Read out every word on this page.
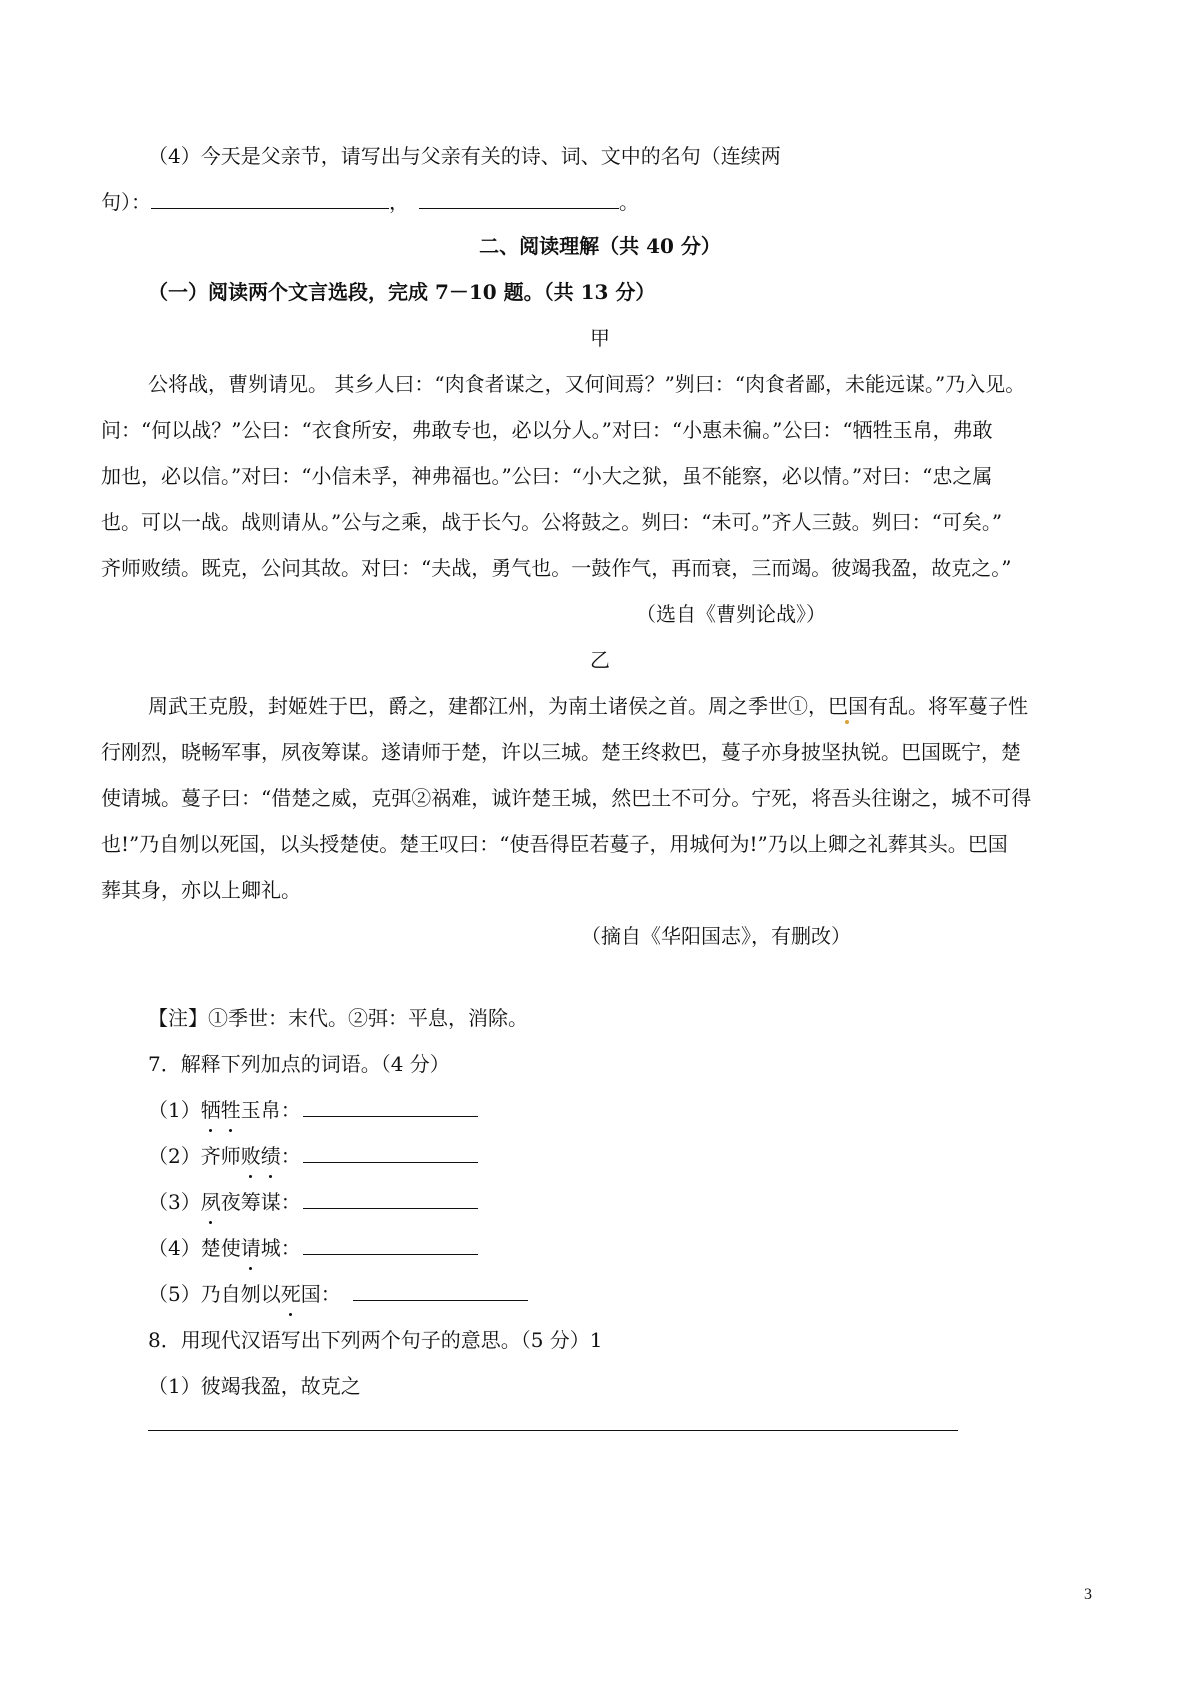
（4）今天是父亲节，请写出与父亲有关的诗、词、文中的名句（连续两
句）：	，	。
二、阅读理解（共 40 分）
（一）阅读两个文言选段，完成 7－10 题。（共 13 分）
甲
公将战，曹刿请见。 其乡人曰：“肉食者谋之，又何间焉？”刿曰：“肉食者鄙，未能远谋。”乃入见。
问：“何以战？”公曰：“衣食所安，弗敢专也，必以分人。”对曰：“小惠未徧。”公曰：“牺牲玉帛，弗敢
加也，必以信。”对曰：“小信未孚，神弗福也。”公曰：“小大之狱，虽不能察，必以情。”对曰：“忠之属
也。可以一战。战则请从。”公与之乘，战于长勺。公将鼓之。刿曰：“未可。”齐人三鼓。刿曰：“可矣。”
齐师败绩。既克，公问其故。对曰：“夫战，勇气也。一鼓作气，再而衰，三而竭。彼竭我盈，故克之。”
（选自《曹刿论战》）
乙
周武王克殷，封姬姓于巴，爵之，建都江州，为南土诸侯之首。周之季世①，巴国有乱。将军蔓子性
行刚烈，晓畅军事，夙夜筹谋。遂请师于楚，许以三城。楚王终救巴，蔓子亦身披坚执锐。巴国既宁，楚
使请城。蔓子曰：“借楚之威，克弭②祸难，诚许楚王城，然巴土不可分。宁死，将吾头往谢之，城不可得
也!”乃自刎以死国，以头授楚使。楚王叹曰：“使吾得臣若蔓子，用城何为!”乃以上卿之礼葬其头。巴国
葬其身，亦以上卿礼。
（摘自《华阳国志》，有删改）
【注】①季世：末代。②弭：平息，消除。
7．解释下列加点的词语。（4 分）
（1）牺牲玉帛：
（2）齐师败绩：
（3）夙夜筹谋：
（4）楚使请城：
（5）乃自刎以死国：
8．用现代汉语写出下列两个句子的意思。（5 分）1
（1）彼竭我盈，故克之
3
